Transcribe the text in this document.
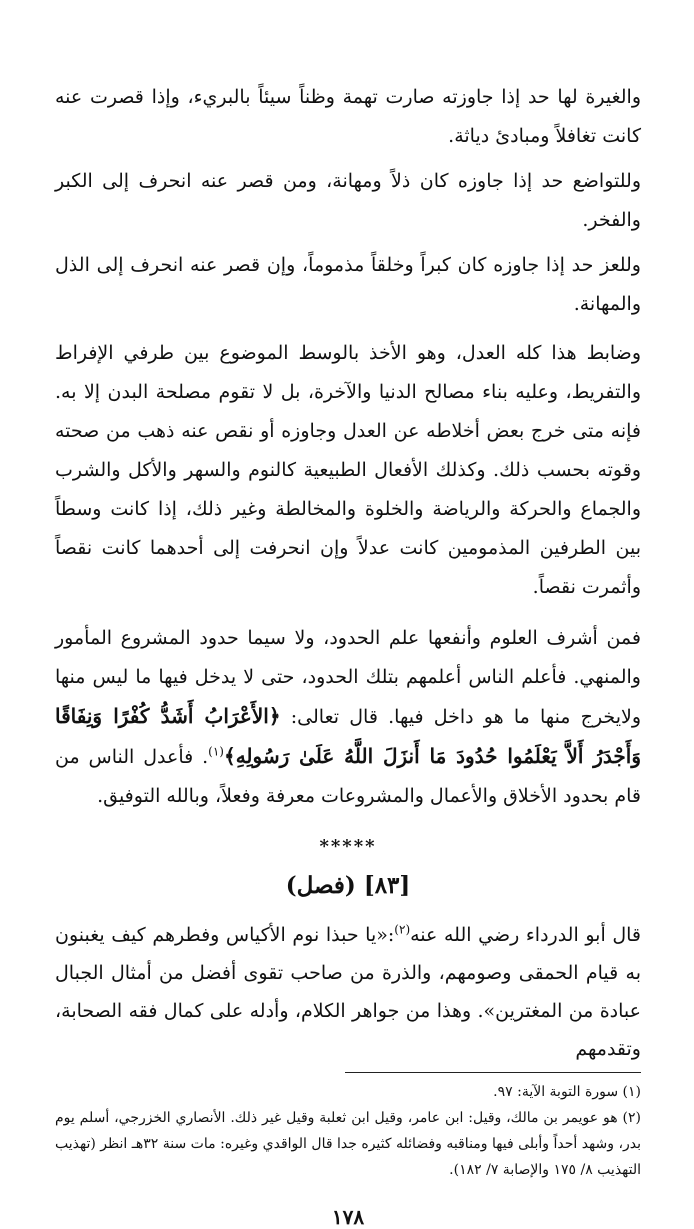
والغيرة لها حد إذا جاوزته صارت تهمة وظناً سيئاً بالبريء، وإذا قصرت عنه كانت تغافلاً ومبادئ دياثة.

وللتواضع حد إذا جاوزه كان ذلاً ومهانة، ومن قصر عنه انحرف إلى الكبر والفخر.

وللعز حد إذا جاوزه كان كبراً وخلقاً مذموماً، وإن قصر عنه انحرف إلى الذل والمهانة.

وضابط هذا كله العدل، وهو الأخذ بالوسط الموضوع بين طرفي الإفراط والتفريط، وعليه بناء مصالح الدنيا والآخرة، بل لا تقوم مصلحة البدن إلا به. فإنه متى خرج بعض أخلاطه عن العدل وجاوزه أو نقص عنه ذهب من صحته وقوته بحسب ذلك. وكذلك الأفعال الطبيعية كالنوم والسهر والأكل والشرب والجماع والحركة والرياضة والخلوة والمخالطة وغير ذلك، إذا كانت وسطاً بين الطرفين المذمومين كانت عدلاً وإن انحرفت إلى أحدهما كانت نقصاً وأثمرت نقصاً.

فمن أشرف العلوم وأنفعها علم الحدود، ولا سيما حدود المشروع المأمور والمنهي. فأعلم الناس أعلمهم بتلك الحدود، حتى لا يدخل فيها ما ليس منها ولايخرج منها ما هو داخل فيها. قال تعالى: ﴿الأَعْرَابُ أَشَدُّ كُفْرًا وَنِفَاقًا وَأَجْدَرُ أَلاَّ يَعْلَمُوا حُدُودَ مَا أَنزَلَ اللَّهُ عَلَىٰ رَسُولِهِ﴾$^{(١)}$. فأعدل الناس من قام بحدود الأخلاق والأعمال والمشروعات معرفة وفعلاً، وبالله التوفيق.

*****
[٨٣] (فصل)

قال أبو الدرداء رضي الله عنه$^{(٢)}$:«يا حبذا نوم الأكياس وفطرهم كيف يغبنون به قيام الحمقى وصومهم، والذرة من صاحب تقوى أفضل من أمثال الجبال عبادة من المغترين». وهذا من جواهر الكلام، وأدله على كمال فقه الصحابة، وتقدمهم

(١) سورة التوبة الآية: ٩٧.
(٢) هو عويمر بن مالك، وقيل: ابن عامر، وقيل ابن ثعلبة وقيل غير ذلك. الأنصاري الخزرجي، أسلم يوم بدر، وشهد أحداً وأبلى فيها ومناقبه وفضائله كثيره جدا قال الواقدي وغيره: مات سنة ٣٢هـ انظر (تهذيب التهذيب ٨/ ١٧٥ والإصابة ٧/ ١٨٢).
١٧٨
